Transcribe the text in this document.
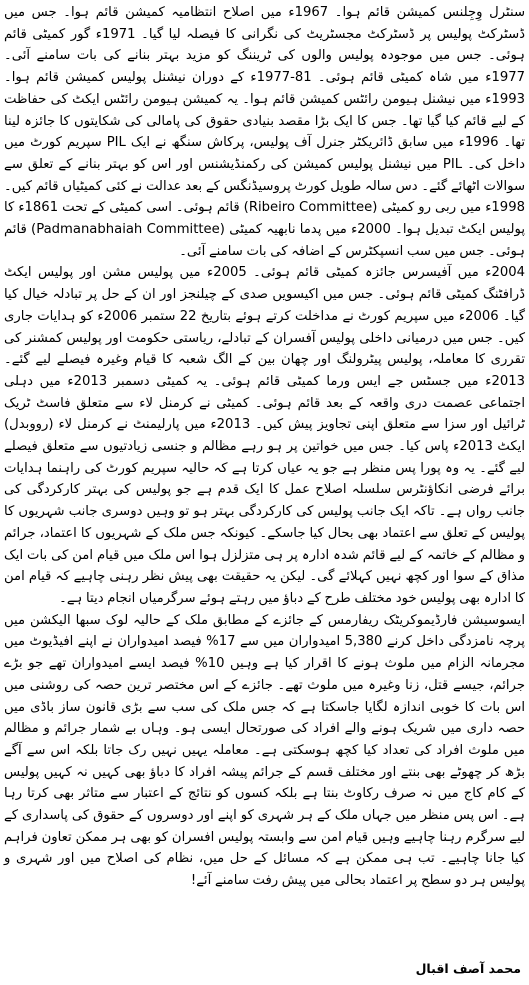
سنٹرل وِجِلنس کمیشن قائم ہوا۔ 1967ء میں اصلاح انتظامیہ کمیشن قائم ہوا۔ جس میں ڈسٹرکٹ پولیس پر ڈسٹرکٹ مجسٹریٹ کی نگرانی کا فیصلہ لیا گیا۔ 1971ء گور کمیٹی قائم ہوئی۔ جس میں موجودہ پولیس والوں کی ٹریننگ کو مزید بہتر بنانے کی بات سامنے آئی۔ 1977ء میں شاہ کمیٹی قائم ہوئی۔ 81-1977ء کے دوران نیشنل پولیس کمیشن قائم ہوا۔ 1993ء میں نیشنل ہیومن رائٹس کمیشن قائم ہوا۔ یہ کمیشن ہیومن رائٹس ایکٹ کی حفاظت کے لیے قائم کیا گیا تھا۔ جس کا ایک بڑا مقصد بنیادی حقوق کی پامالی کی شکایتوں کا جائزہ لینا تھا۔ 1996ء میں سابق ڈائریکٹر جنرل آف پولیس، پرکاش سنگھ نے ایک PIL سپریم کورٹ میں داخل کی۔ PIL میں نیشنل پولیس کمیشن کی رکمنڈیشنس اور اس کو بہتر بنانے کے تعلق سے سوالات اٹھائے گئے۔ دس سالہ طویل کورٹ پروسیڈنگس کے بعد عدالت نے کئی کمیٹیاں قائم کیں۔ 1998ء میں ربی رو کمیٹی (Ribeiro Committee) قائم ہوئی۔ اسی کمیٹی کے تحت 1861ء کا پولیس ایکٹ تبدیل ہوا۔ 2000ء میں پدما نابھیہ کمیٹی (Padmanabhaiah Committee) قائم ہوئی۔ جس میں سب انسپکٹرس کے اضافہ کی بات سامنے آئی۔

2004ء میں آفیسرس جائزہ کمیٹی قائم ہوئی۔ 2005ء میں پولیس مشن اور پولیس ایکٹ ڈرافٹنگ کمیٹی قائم ہوئی۔ جس میں اکیسویں صدی کے چیلنجز اور ان کے حل پر تبادلہ خیال کیا گیا۔ 2006ء میں سپریم کورٹ نے مداخلت کرتے ہوئے بتاریخ 22 ستمبر 2006ء کو ہدایات جاری کیں۔ جس میں درمیانی داخلی پولیس آفسران کے تبادلے، ریاستی حکومت اور پولیس کمشنر کی تقرری کا معاملہ، پولیس پیٹرولنگ اور چھان بین کے الگ شعبہ کا قیام وغیرہ فیصلے لیے گئے۔ 2013ء میں جسٹس جے ایس ورما کمیٹی قائم ہوئی۔ یہ کمیٹی دسمبر 2013ء میں دہلی اجتماعی عصمت دری واقعہ کے بعد قائم ہوئی۔ کمیٹی نے کرمنل لاء سے متعلق فاسٹ ٹریک ٹرائیل اور سزا سے متعلق اپنی تجاویز پیش کیں۔ 2013ء میں پارلیمنٹ نے کرمنل لاء (رووبدل) ایکٹ 2013ء پاس کیا۔ جس میں خواتین پر ہو رہے مظالم و جنسی زیادتیوں سے متعلق فیصلے لیے گئے۔ یہ وہ پورا پس منظر ہے جو یہ عیاں کرتا ہے کہ حالیہ سپریم کورٹ کی راہنما ہدایات برائے فرضی انکاؤنٹرس سلسلہ اصلاح عمل کا ایک قدم ہے جو پولیس کی بہتر کارکردگی کی جانب رواں ہے۔ تاکہ ایک جانب پولیس کی کارکردگی بہتر ہو تو وہیں دوسری جانب شہریوں کا پولیس کے تعلق سے اعتماد بھی بحال کیا جاسکے۔ کیونکہ جس ملک کے شہریوں کا اعتماد، جرائم و مظالم کے خاتمہ کے لیے قائم شدہ ادارہ پر ہی متزلزل ہوا اس ملک میں قیام امن کی بات ایک مذاق کے سوا اور کچھ نہیں کہلائے گی۔ لیکن یہ حقیقت بھی پیش نظر رہنی چاہیے کہ قیام امن کا ادارہ بھی پولیس خود مختلف طرح کے دباؤ میں رہتے ہوئے سرگرمیاں انجام دیتا ہے۔

ایسوسیشن فارڈیموکریٹک ریفارمس کے جائزے کے مطابق ملک کے حالیہ لوک سبھا الیکشن میں پرچہ نامزدگی داخل کرنے 5,380 امیدواران میں سے 17% فیصد امیدواران نے اپنے افیڈیوٹ میں مجرمانہ الزام میں ملوث ہونے کا اقرار کیا ہے وہیں 10% فیصد ایسے امیدواران تھے جو بڑے جرائم، جیسے قتل، زنا وغیرہ میں ملوث تھے۔ جائزے کے اس مختصر ترین حصہ کی روشنی میں اس بات کا خوبی اندازہ لگایا جاسکتا ہے کہ جس ملک کی سب سے بڑی قانون ساز باڈی میں حصہ داری میں شریک ہونے والے افراد کی صورتحال ایسی ہو۔ وہاں بے شمار جرائم و مظالم میں ملوث افراد کی تعداد کیا کچھ ہوسکتی ہے۔ معاملہ یہیں نہیں رک جاتا بلکہ اس سے آگے بڑھ کر چھوٹے بھی بنتے اور مختلف قسم کے جرائم پیشہ افراد کا دباؤ بھی کہیں نہ کہیں پولیس کے کام کاج میں نہ صرف رکاوٹ بنتا ہے بلکہ کسوں کو نتائج کے اعتبار سے متاثر بھی کرتا رہا ہے۔ اس پس منظر میں جہاں ملک کے ہر شہری کو اپنے اور دوسروں کے حقوق کی پاسداری کے لیے سرگرم رہنا چاہیے وہیں قیام امن سے وابستہ پولیس افسران کو بھی ہر ممکن تعاون فراہم کیا جانا چاہیے۔ تب ہی ممکن ہے کہ مسائل کے حل میں، نظام کی اصلاح میں اور شہری و پولیس ہر دو سطح پر اعتماد بحالی میں پیش رفت سامنے آئے!

محمد آصف اقبال
